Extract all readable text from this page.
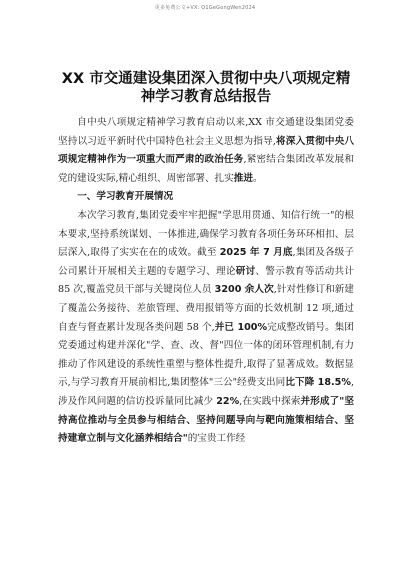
更多免费公文+VX: Q1GeGongWen2024
XX 市交通建设集团深入贯彻中央八项规定精神学习教育总结报告

自中央八项规定精神学习教育启动以来,XX 市交通建设集团党委坚持以习近平新时代中国特色社会主义思想为指导,将深入贯彻中央八项规定精神作为一项重大而严肃的政治任务,紧密结合集团改革发展和党的建设实际,精心组织、周密部署、扎实推进。

一、学习教育开展情况

本次学习教育,集团党委牢牢把握"学思用贯通、知信行统一"的根本要求,坚持系统谋划、一体推进,确保学习教育各项任务环环相扣、层层深入,取得了实实在在的成效。截至 2025 年 7 月底,集团及各级子公司累计开展相关主题的专题学习、理论研讨、警示教育等活动共计 85 次,覆盖党员干部与关键岗位人员 3200 余人次,针对性修订和新建了覆盖公务接待、差旅管理、费用报销等方面的长效机制 12 项,通过自查与督查累计发现各类问题 58 个,并已 100%完成整改销号。集团党委通过构建并深化"学、查、改、督"四位一体的闭环管理机制,有力推动了作风建设的系统性重塑与整体性提升,取得了显著成效。数据显示,与学习教育开展前相比,集团整体"三公"经费支出同比下降 18.5%,涉及作风问题的信访投诉量同比减少 22%,在实践中探索并形成了"坚持高位推动与全员参与相结合、坚持问题导向与靶向施策相结合、坚持建章立制与文化涵养相结合"的宝贵工作经
